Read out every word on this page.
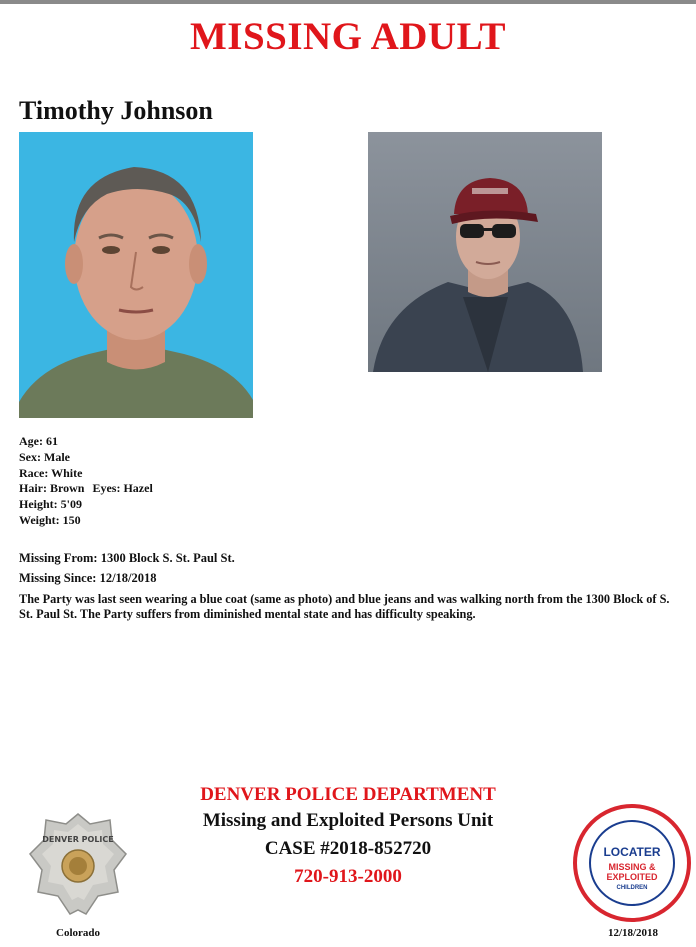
MISSING ADULT
Timothy Johnson
Age: 61
Sex: Male
Race: White
Hair: Brown Eyes: Hazel
Height: 5'09
Weight: 150
Missing From: 1300 Block S. St. Paul St.
Missing Since: 12/18/2018
The Party was last seen wearing a blue coat (same as photo) and blue jeans and was walking north from the 1300 Block of S. St. Paul St. The Party suffers from diminished mental state and has difficulty speaking.
DENVER POLICE DEPARTMENT
Missing and Exploited Persons Unit
CASE #2018-852720
720-913-2000
DENVER POLICE
Colorado
LOCATER
MISSING &
EXPLOITED
CHILDREN
12/18/2018
